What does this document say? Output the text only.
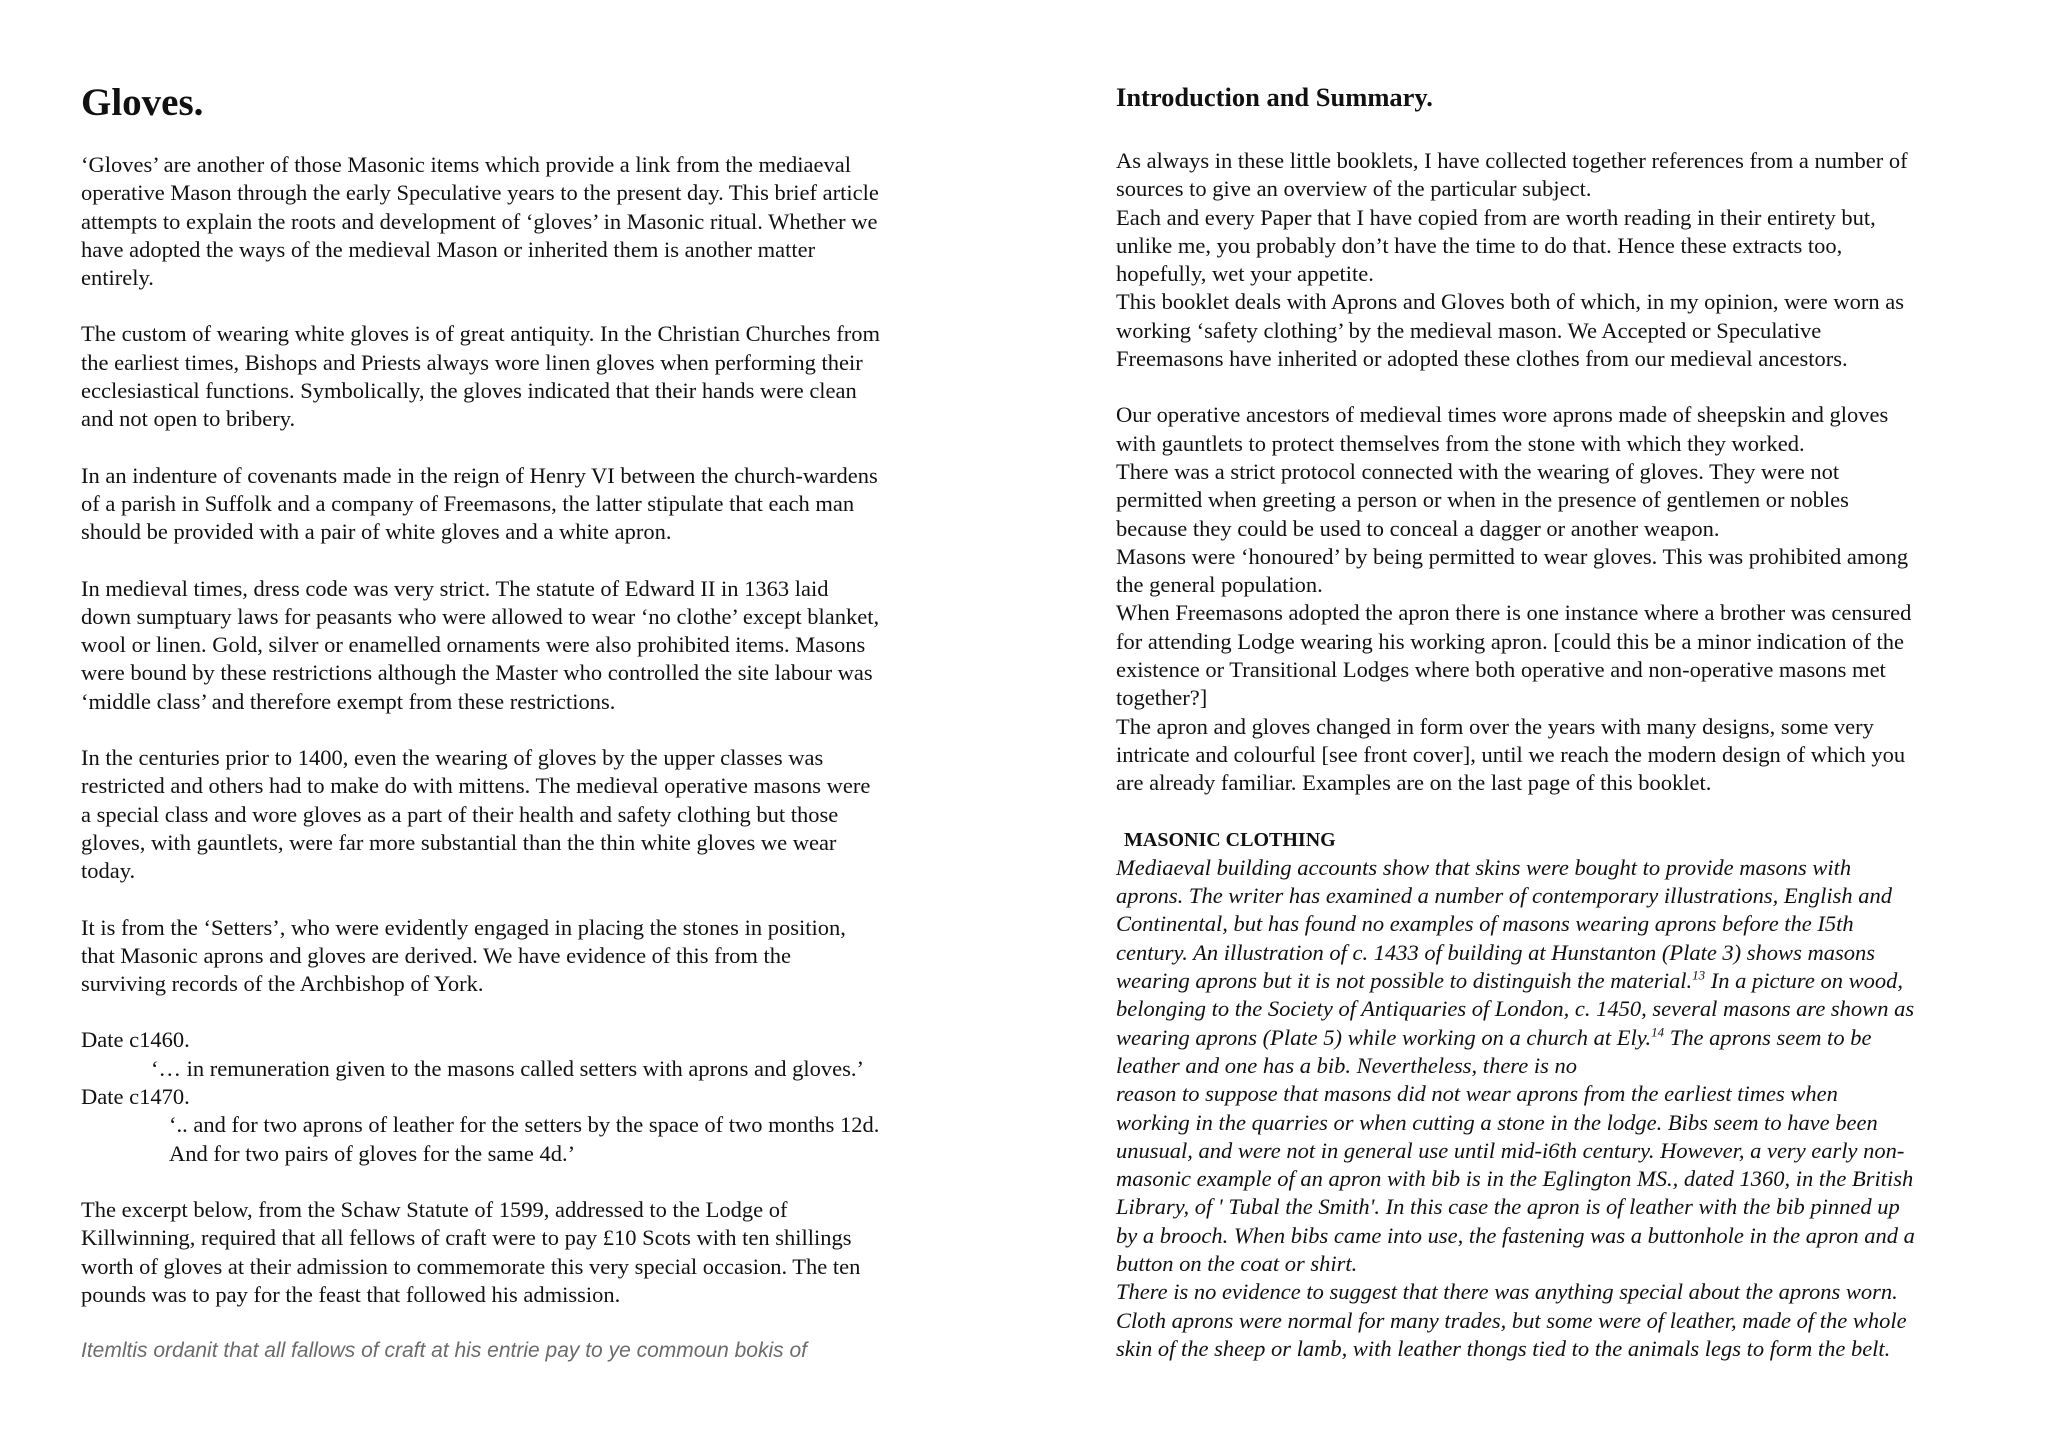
Gloves.

‘Gloves’ are another of those Masonic items which provide a link from the mediaeval
operative Mason through the early Speculative years to the present day. This brief article
attempts to explain the roots and development of ‘gloves’ in Masonic ritual. Whether we
have adopted the ways of the medieval Mason or inherited them is another matter
entirely.

The custom of wearing white gloves is of great antiquity. In the Christian Churches from
the earliest times, Bishops and Priests always wore linen gloves when performing their
ecclesiastical functions. Symbolically, the gloves indicated that their hands were clean
and not open to bribery.

In an indenture of covenants made in the reign of Henry VI between the church-wardens
of a parish in Suffolk and a company of Freemasons, the latter stipulate that each man
should be provided with a pair of white gloves and a white apron.

In medieval times, dress code was very strict. The statute of Edward II in 1363 laid
down sumptuary laws for peasants who were allowed to wear ‘no clothe’ except blanket,
wool or linen. Gold, silver or enamelled ornaments were also prohibited items. Masons
were bound by these restrictions although the Master who controlled the site labour was
‘middle class’ and therefore exempt from these restrictions.

In the centuries prior to 1400, even the wearing of gloves by the upper classes was
restricted and others had to make do with mittens. The medieval operative masons were
a special class and wore gloves as a part of their health and safety clothing but those
gloves, with gauntlets, were far more substantial than the thin white gloves we wear
today.

It is from the ‘Setters’, who were evidently engaged in placing the stones in position,
that Masonic aprons and gloves are derived. We have evidence of this from the
surviving records of the Archbishop of York.

Date c1460.
‘… in remuneration given to the masons called setters with aprons and gloves.’
Date c1470.
‘.. and for two aprons of leather for the setters by the space of two months 12d.
And for two pairs of gloves for the same 4d.’

The excerpt below, from the Schaw Statute of 1599, addressed to the Lodge of
Killwinning, required that all fellows of craft were to pay £10 Scots with ten shillings
worth of gloves at their admission to commemorate this very special occasion. The ten
pounds was to pay for the feast that followed his admission.

Itemltis ordanit that all fallows of craft at his entrie pay to ye commoun bokis of

Introduction and Summary.

As always in these little booklets, I have collected together references from a number of
sources to give an overview of the particular subject.
Each and every Paper that I have copied from are worth reading in their entirety but,
unlike me, you probably don’t have the time to do that. Hence these extracts too,
hopefully, wet your appetite.
This booklet deals with Aprons and Gloves both of which, in my opinion, were worn as
working ‘safety clothing’ by the medieval mason. We Accepted or Speculative
Freemasons have inherited or adopted these clothes from our medieval ancestors.

Our operative ancestors of medieval times wore aprons made of sheepskin and gloves
with gauntlets to protect themselves from the stone with which they worked.
There was a strict protocol connected with the wearing of gloves. They were not
permitted when greeting a person or when in the presence of gentlemen or nobles
because they could be used to conceal a dagger or another weapon.
Masons were ‘honoured’ by being permitted to wear gloves. This was prohibited among
the general population.
When Freemasons adopted the apron there is one instance where a brother was censured
for attending Lodge wearing his working apron. [could this be a minor indication of the
existence or Transitional Lodges where both operative and non-operative masons met
together?]
The apron and gloves changed in form over the years with many designs, some very
intricate and colourful [see front cover], until we reach the modern design of which you
are already familiar. Examples are on the last page of this booklet.

MASONIC CLOTHING

Mediaeval building accounts show that skins were bought to provide masons with
aprons. The writer has examined a number of contemporary illustrations, English and
Continental, but has found no examples of masons wearing aprons before the I5th
century. An illustration of c. 1433 of building at Hunstanton (Plate 3) shows masons
wearing aprons but it is not possible to distinguish the material.$^{13}$ In a picture on wood,
belonging to the Society of Antiquaries of London, c. 1450, several masons are shown as
wearing aprons (Plate 5) while working on a church at Ely.$^{14}$ The aprons seem to be
leather and one has a bib. Nevertheless, there is no
reason to suppose that masons did not wear aprons from the earliest times when
working in the quarries or when cutting a stone in the lodge. Bibs seem to have been
unusual, and were not in general use until mid-i6th century. However, a very early non-
masonic example of an apron with bib is in the Eglington MS., dated 1360, in the British
Library, of ' Tubal the Smith'. In this case the apron is of leather with the bib pinned up
by a brooch. When bibs came into use, the fastening was a buttonhole in the apron and a
button on the coat or shirt.
There is no evidence to suggest that there was anything special about the aprons worn.
Cloth aprons were normal for many trades, but some were of leather, made of the whole
skin of the sheep or lamb, with leather thongs tied to the animals legs to form the belt.
